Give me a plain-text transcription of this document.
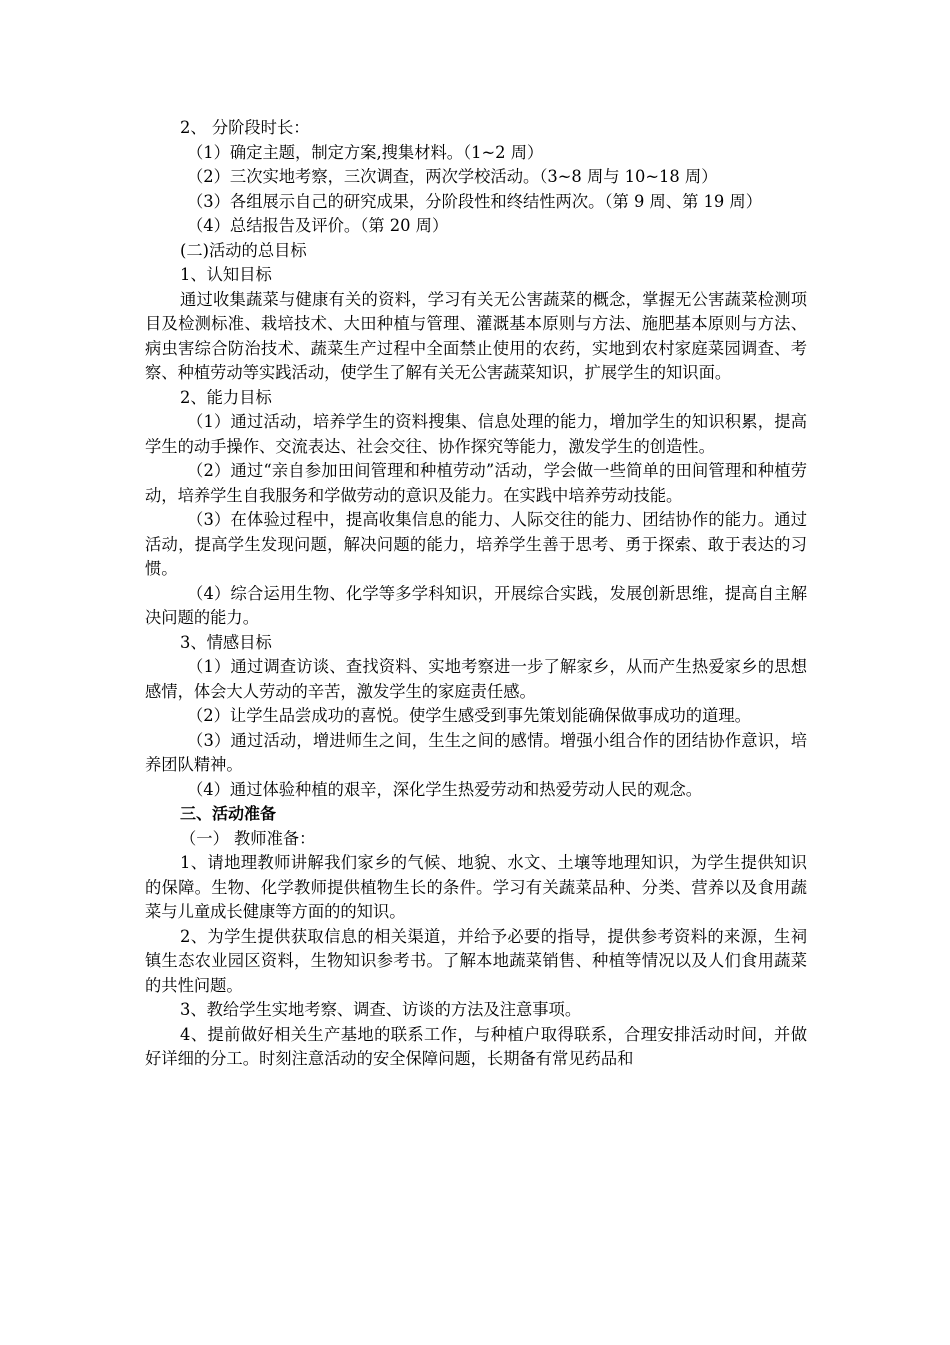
2、 分阶段时长：

（1）确定主题，制定方案,搜集材料。（1~2 周）

（2）三次实地考察，三次调查，两次学校活动。（3~8 周与 10~18 周）

（3）各组展示自己的研究成果，分阶段性和终结性两次。（第 9 周、第 19 周）

（4）总结报告及评价。（第 20 周）

(二)活动的总目标

1、认知目标

通过收集蔬菜与健康有关的资料，学习有关无公害蔬菜的概念，掌握无公害蔬菜检测项目及检测标准、栽培技术、大田种植与管理、灌溉基本原则与方法、施肥基本原则与方法、病虫害综合防治技术、蔬菜生产过程中全面禁止使用的农药，实地到农村家庭菜园调查、考察、种植劳动等实践活动，使学生了解有关无公害蔬菜知识，扩展学生的知识面。

2、能力目标

（1）通过活动，培养学生的资料搜集、信息处理的能力，增加学生的知识积累，提高学生的动手操作、交流表达、社会交往、协作探究等能力，激发学生的创造性。

（2）通过“亲自参加田间管理和种植劳动”活动，学会做一些简单的田间管理和种植劳动，培养学生自我服务和学做劳动的意识及能力。在实践中培养劳动技能。

（3）在体验过程中，提高收集信息的能力、人际交往的能力、团结协作的能力。通过活动，提高学生发现问题，解决问题的能力，培养学生善于思考、勇于探索、敢于表达的习惯。

（4）综合运用生物、化学等多学科知识，开展综合实践，发展创新思维，提高自主解决问题的能力。

3、情感目标

（1）通过调查访谈、查找资料、实地考察进一步了解家乡，从而产生热爱家乡的思想感情，体会大人劳动的辛苦，激发学生的家庭责任感。

（2）让学生品尝成功的喜悦。使学生感受到事先策划能确保做事成功的道理。

（3）通过活动，增进师生之间，生生之间的感情。增强小组合作的团结协作意识，培养团队精神。

（4）通过体验种植的艰辛，深化学生热爱劳动和热爱劳动人民的观念。

三、活动准备

（一） 教师准备：

1、请地理教师讲解我们家乡的气候、地貌、水文、土壤等地理知识，为学生提供知识的保障。生物、化学教师提供植物生长的条件。学习有关蔬菜品种、分类、营养以及食用蔬菜与儿童成长健康等方面的的知识。

2、为学生提供获取信息的相关渠道，并给予必要的指导，提供参考资料的来源，生祠镇生态农业园区资料，生物知识参考书。了解本地蔬菜销售、种植等情况以及人们食用蔬菜的共性问题。

3、教给学生实地考察、调查、访谈的方法及注意事项。

4、提前做好相关生产基地的联系工作，与种植户取得联系，合理安排活动时间，并做好详细的分工。时刻注意活动的安全保障问题，长期备有常见药品和
